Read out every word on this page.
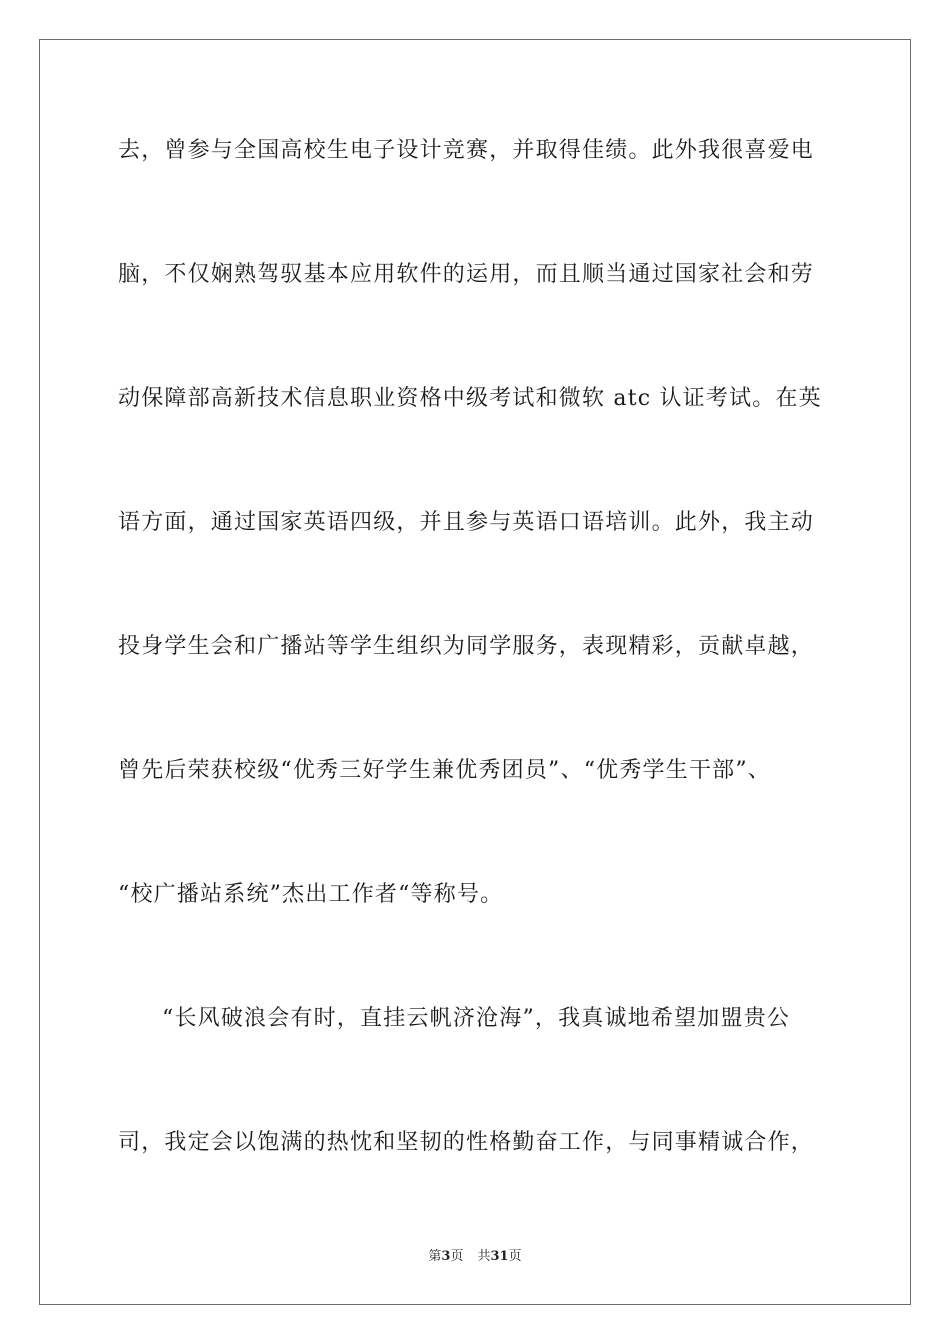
去，曾参与全国高校生电子设计竞赛，并取得佳绩。此外我很喜爱电
脑，不仅娴熟驾驭基本应用软件的运用，而且顺当通过国家社会和劳
动保障部高新技术信息职业资格中级考试和微软 atc 认证考试。在英
语方面，通过国家英语四级，并且参与英语口语培训。此外，我主动
投身学生会和广播站等学生组织为同学服务，表现精彩，贡献卓越，
曾先后荣获校级“优秀三好学生兼优秀团员”、“优秀学生干部”、
“校广播站系统”杰出工作者“等称号。
“长风破浪会有时，直挂云帆济沧海”，我真诚地希望加盟贵公
司，我定会以饱满的热忱和坚韧的性格勤奋工作，与同事精诚合作，
第3页 共31页
